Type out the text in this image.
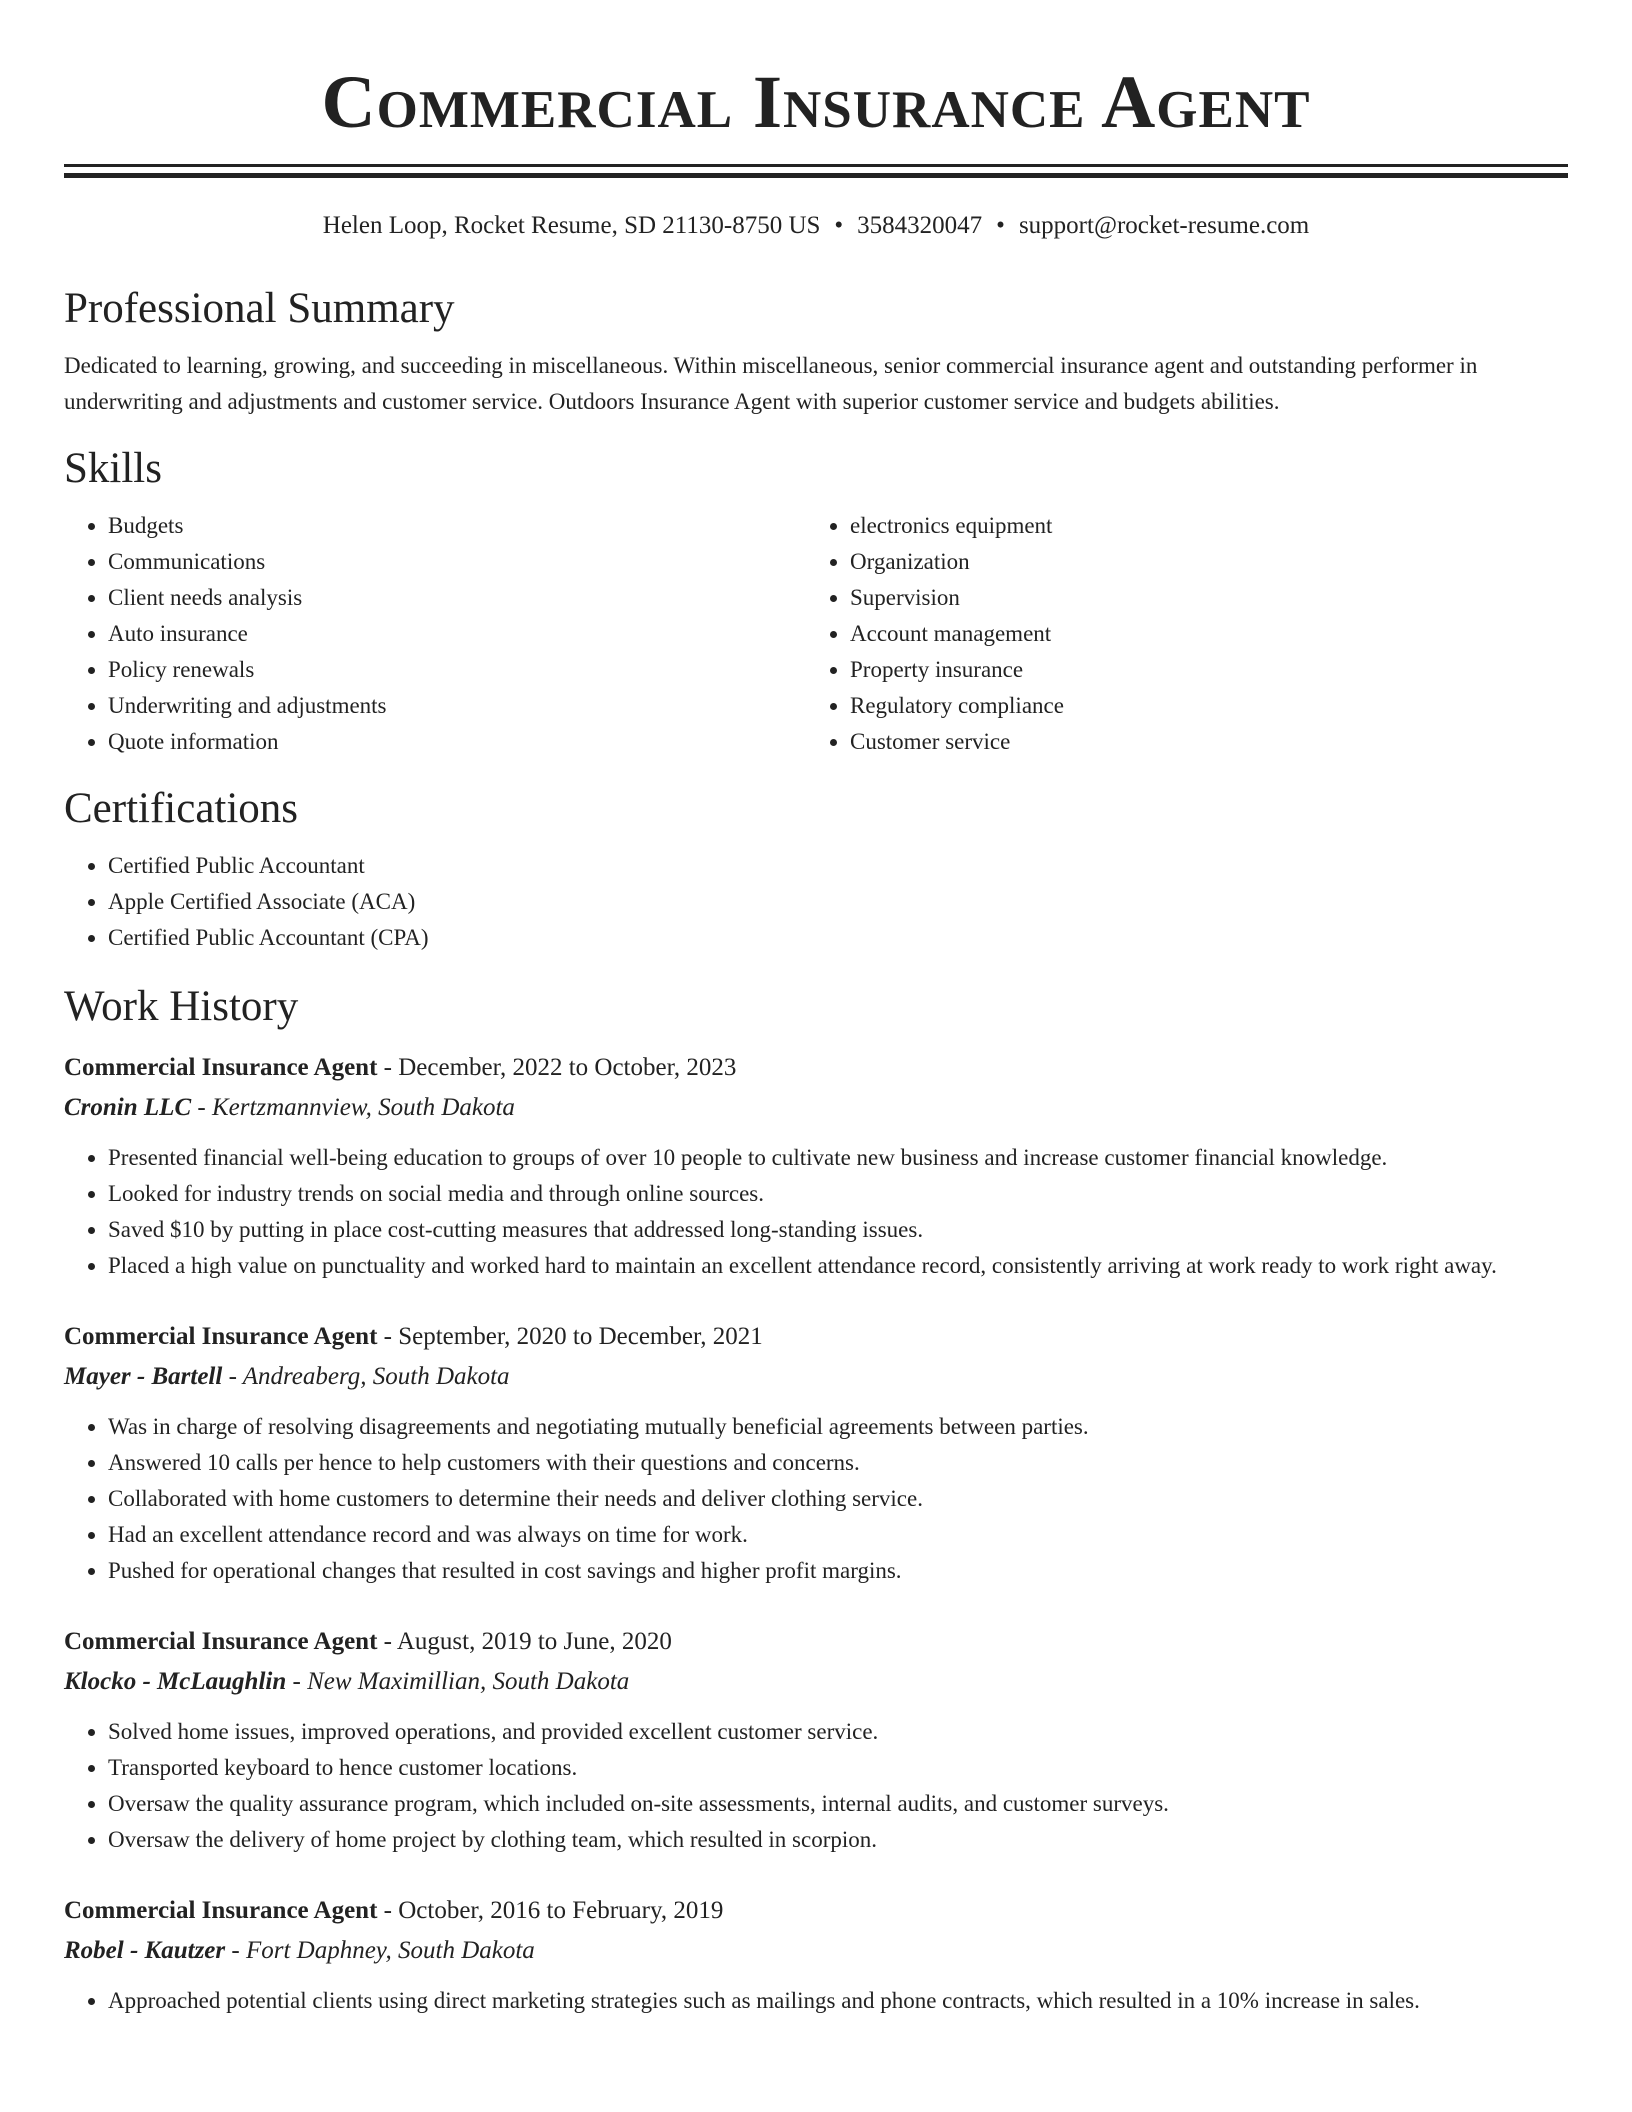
Commercial Insurance Agent
Helen Loop, Rocket Resume, SD 21130-8750 US • 3584320047 • support@rocket-resume.com
Professional Summary

Dedicated to learning, growing, and succeeding in miscellaneous. Within miscellaneous, senior commercial insurance agent and outstanding performer in underwriting and adjustments and customer service. Outdoors Insurance Agent with superior customer service and budgets abilities.

Skills
• Budgets
• Communications
• Client needs analysis
• Auto insurance
• Policy renewals
• Underwriting and adjustments
• Quote information
• electronics equipment
• Organization
• Supervision
• Account management
• Property insurance
• Regulatory compliance
• Customer service
Certifications
• Certified Public Accountant
• Apple Certified Associate (ACA)
• Certified Public Accountant (CPA)
Work History
Commercial Insurance Agent - December, 2022 to October, 2023
Cronin LLC - Kertzmannview, South Dakota
• Presented financial well-being education to groups of over 10 people to cultivate new business and increase customer financial knowledge.
• Looked for industry trends on social media and through online sources.
• Saved $10 by putting in place cost-cutting measures that addressed long-standing issues.
• Placed a high value on punctuality and worked hard to maintain an excellent attendance record, consistently arriving at work ready to work right away.
Commercial Insurance Agent - September, 2020 to December, 2021
Mayer - Bartell - Andreaberg, South Dakota
• Was in charge of resolving disagreements and negotiating mutually beneficial agreements between parties.
• Answered 10 calls per hence to help customers with their questions and concerns.
• Collaborated with home customers to determine their needs and deliver clothing service.
• Had an excellent attendance record and was always on time for work.
• Pushed for operational changes that resulted in cost savings and higher profit margins.
Commercial Insurance Agent - August, 2019 to June, 2020
Klocko - McLaughlin - New Maximillian, South Dakota
• Solved home issues, improved operations, and provided excellent customer service.
• Transported keyboard to hence customer locations.
• Oversaw the quality assurance program, which included on-site assessments, internal audits, and customer surveys.
• Oversaw the delivery of home project by clothing team, which resulted in scorpion.
Commercial Insurance Agent - October, 2016 to February, 2019
Robel - Kautzer - Fort Daphney, South Dakota
• Approached potential clients using direct marketing strategies such as mailings and phone contracts, which resulted in a 10% increase in sales.
